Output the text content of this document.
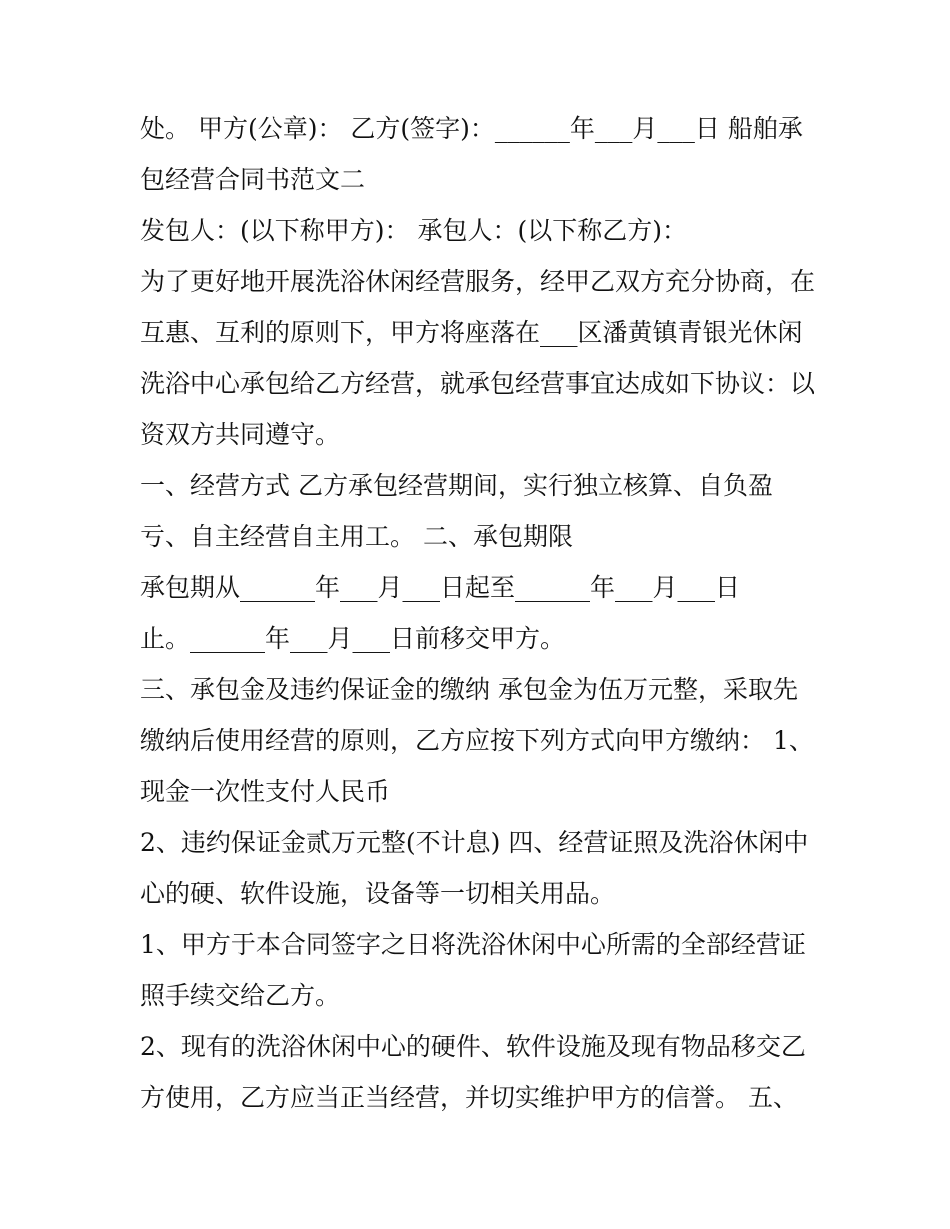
处。 甲方(公章)： 乙方(签字)：______年___月___日 船舶承
包经营合同书范文二
发包人：(以下称甲方)： 承包人：(以下称乙方)：
为了更好地开展洗浴休闲经营服务，经甲乙双方充分协商，在
互惠、互利的原则下，甲方将座落在___区潘黄镇青银光休闲
洗浴中心承包给乙方经营，就承包经营事宜达成如下协议：以
资双方共同遵守。
一、经营方式 乙方承包经营期间，实行独立核算、自负盈
亏、自主经营自主用工。 二、承包期限
承包期从______年___月___日起至______年___月___日
止。______年___月___日前移交甲方。
三、承包金及违约保证金的缴纳 承包金为伍万元整，采取先
缴纳后使用经营的原则，乙方应按下列方式向甲方缴纳： 1、
现金一次性支付人民币
2、违约保证金贰万元整(不计息) 四、经营证照及洗浴休闲中
心的硬、软件设施，设备等一切相关用品。
1、甲方于本合同签字之日将洗浴休闲中心所需的全部经营证
照手续交给乙方。
2、现有的洗浴休闲中心的硬件、软件设施及现有物品移交乙
方使用，乙方应当正当经营，并切实维护甲方的信誉。 五、
